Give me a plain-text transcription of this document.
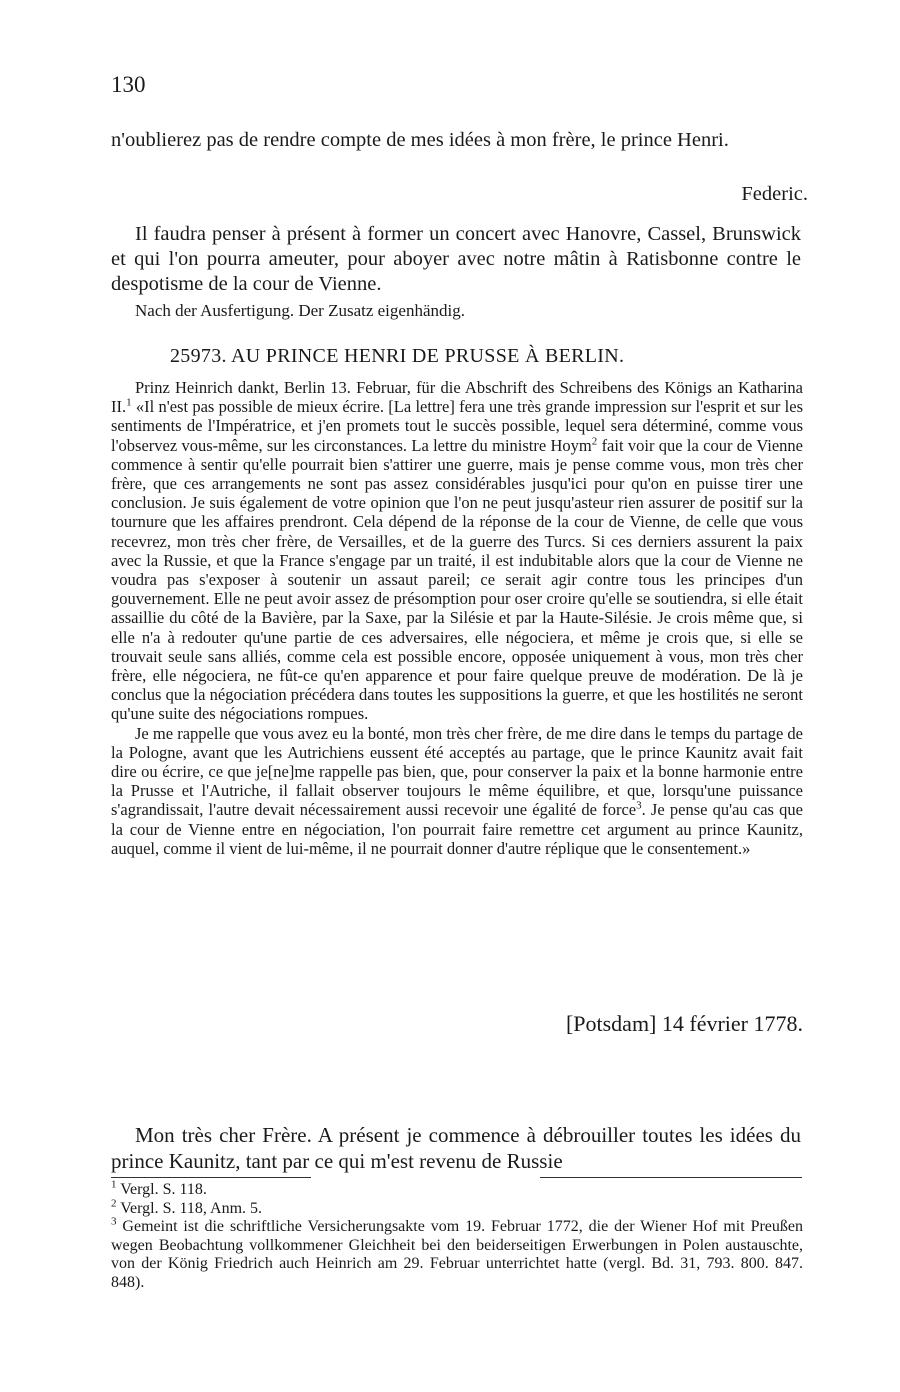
130

n'oublierez pas de rendre compte de mes idées à mon frère, le prince Henri.

Federic.

Il faudra penser à présent à former un concert avec Hanovre, Cassel, Brunswick et qui l'on pourra ameuter, pour aboyer avec notre mâtin à Ratisbonne contre le despotisme de la cour de Vienne.

Nach der Ausfertigung. Der Zusatz eigenhändig.
25973. AU PRINCE HENRI DE PRUSSE À BERLIN.

Prinz Heinrich dankt, Berlin 13. Februar, für die Abschrift des Schreibens des Königs an Katharina II.$^1$ «Il n'est pas possible de mieux écrire. [La lettre] fera une très grande impression sur l'esprit et sur les sentiments de l'Impératrice, et j'en promets tout le succès possible, lequel sera déterminé, comme vous l'observez vous-même, sur les circonstances. La lettre du ministre Hoym$^2$ fait voir que la cour de Vienne commence à sentir qu'elle pourrait bien s'attirer une guerre, mais je pense comme vous, mon très cher frère, que ces arrangements ne sont pas assez considérables jusqu'ici pour qu'on en puisse tirer une conclusion. Je suis également de votre opinion que l'on ne peut jusqu'asteur rien assurer de positif sur la tournure que les affaires prendront. Cela dépend de la réponse de la cour de Vienne, de celle que vous recevrez, mon très cher frère, de Versailles, et de la guerre des Turcs. Si ces derniers assurent la paix avec la Russie, et que la France s'engage par un traité, il est indubitable alors que la cour de Vienne ne voudra pas s'exposer à soutenir un assaut pareil; ce serait agir contre tous les principes d'un gouvernement. Elle ne peut avoir assez de présomption pour oser croire qu'elle se soutiendra, si elle était assaillie du côté de la Bavière, par la Saxe, par la Silésie et par la Haute-Silésie. Je crois même que, si elle n'a à redouter qu'une partie de ces adversaires, elle négociera, et même je crois que, si elle se trouvait seule sans alliés, comme cela est possible encore, opposée uniquement à vous, mon très cher frère, elle négociera, ne fût-ce qu'en apparence et pour faire quelque preuve de modération. De là je conclus que la négociation précédera dans toutes les suppositions la guerre, et que les hostilités ne seront qu'une suite des négociations rompues.

Je me rappelle que vous avez eu la bonté, mon très cher frère, de me dire dans le temps du partage de la Pologne, avant que les Autrichiens eussent été acceptés au partage, que le prince Kaunitz avait fait dire ou écrire, ce que je[ne]me rappelle pas bien, que, pour conserver la paix et la bonne harmonie entre la Prusse et l'Autriche, il fallait observer toujours le même équilibre, et que, lorsqu'une puissance s'agrandissait, l'autre devait nécessairement aussi recevoir une égalité de force$^3$. Je pense qu'au cas que la cour de Vienne entre en négociation, l'on pourrait faire remettre cet argument au prince Kaunitz, auquel, comme il vient de lui-même, il ne pourrait donner d'autre réplique que le consentement.»

[Potsdam] 14 février 1778.

Mon très cher Frère. A présent je commence à débrouiller toutes les idées du prince Kaunitz, tant par ce qui m'est revenu de Russie

$^1$ Vergl. S. 118.

$^2$ Vergl. S. 118, Anm. 5.

$^3$ Gemeint ist die schriftliche Versicherungsakte vom 19. Februar 1772, die der Wiener Hof mit Preußen wegen Beobachtung vollkommener Gleichheit bei den beiderseitigen Erwerbungen in Polen austauschte, von der König Friedrich auch Heinrich am 29. Februar unterrichtet hatte (vergl. Bd. 31, 793. 800. 847. 848).
